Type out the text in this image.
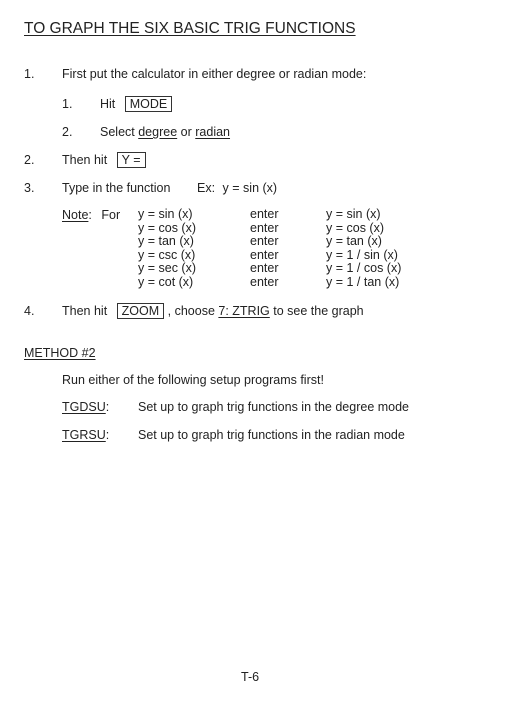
TO GRAPH THE SIX BASIC TRIG FUNCTIONS
1. First put the calculator in either degree or radian mode:
1. Hit MODE
2. Select degree or radian
2. Then hit Y =
3. Type in the function Ex: y = sin (x)
Note: For y = sin (x)
y = cos (x)
y = tan (x)
y = csc (x)
y = sec (x)
y = cot (x)
enter
enter
enter
enter
enter
enter
y = sin (x)
y = cos (x)
y = tan (x)
y = 1 / sin (x)
y = 1 / cos (x)
y = 1 / tan (x)
4. Then hit ZOOM , choose 7: ZTRIG to see the graph
METHOD #2
Run either of the following setup programs first!
TGDSU: Set up to graph trig functions in the degree mode
TGRSU: Set up to graph trig functions in the radian mode
T-6
